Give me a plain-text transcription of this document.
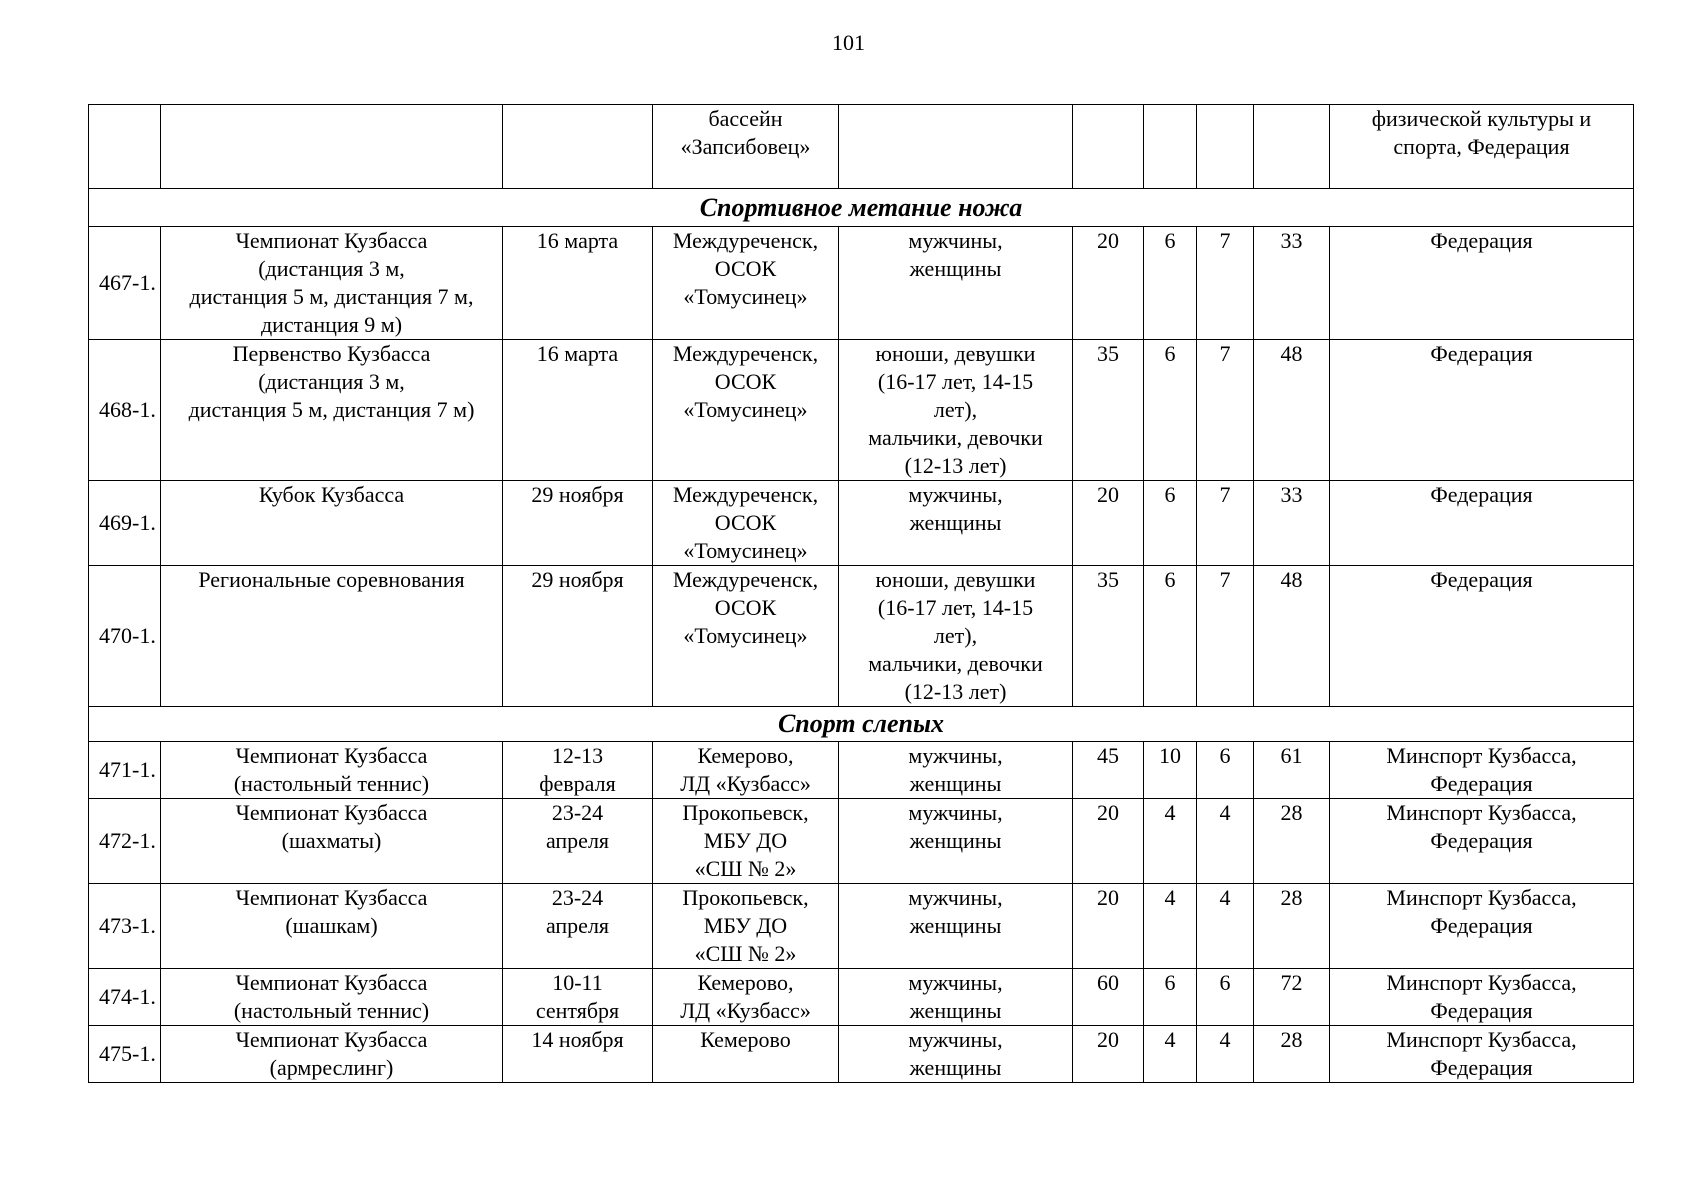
101
			бассейн
«Запсибовец»						физической культуры и
спорта, Федерация
Спортивное метание ножа									
467-1.	Чемпионат Кузбасса
(дистанция 3 м,
дистанция 5 м, дистанция 7 м,
дистанция 9 м)	16 марта	Междуреченск,
ОСОК
«Томусинец»	мужчины,
женщины	20	6	7	33	Федерация
468-1.	Первенство Кузбасса
(дистанция 3 м,
дистанция 5 м, дистанция 7 м)	16 марта	Междуреченск,
ОСОК
«Томусинец»	юноши, девушки
(16-17 лет, 14-15
лет),
мальчики, девочки
(12-13 лет)	35	6	7	48	Федерация
469-1.	Кубок Кузбасса	29 ноября	Междуреченск,
ОСОК
«Томусинец»	мужчины,
женщины	20	6	7	33	Федерация
470-1.	Региональные соревнования	29 ноября	Междуреченск,
ОСОК
«Томусинец»	юноши, девушки
(16-17 лет, 14-15
лет),
мальчики, девочки
(12-13 лет)	35	6	7	48	Федерация
Спорт слепых									
471-1.	Чемпионат Кузбасса
(настольный теннис)	12-13
февраля	Кемерово,
ЛД «Кузбасс»	мужчины,
женщины	45	10	6	61	Минспорт Кузбасса,
Федерация
472-1.	Чемпионат Кузбасса
(шахматы)	23-24
апреля	Прокопьевск,
МБУ ДО
«СШ № 2»	мужчины,
женщины	20	4	4	28	Минспорт Кузбасса,
Федерация
473-1.	Чемпионат Кузбасса
(шашкам)	23-24
апреля	Прокопьевск,
МБУ ДО
«СШ № 2»	мужчины,
женщины	20	4	4	28	Минспорт Кузбасса,
Федерация
474-1.	Чемпионат Кузбасса
(настольный теннис)	10-11
сентября	Кемерово,
ЛД «Кузбасс»	мужчины,
женщины	60	6	6	72	Минспорт Кузбасса,
Федерация
475-1.	Чемпионат Кузбасса
(армреслинг)	14 ноября	Кемерово	мужчины,
женщины	20	4	4	28	Минспорт Кузбасса,
Федерация
